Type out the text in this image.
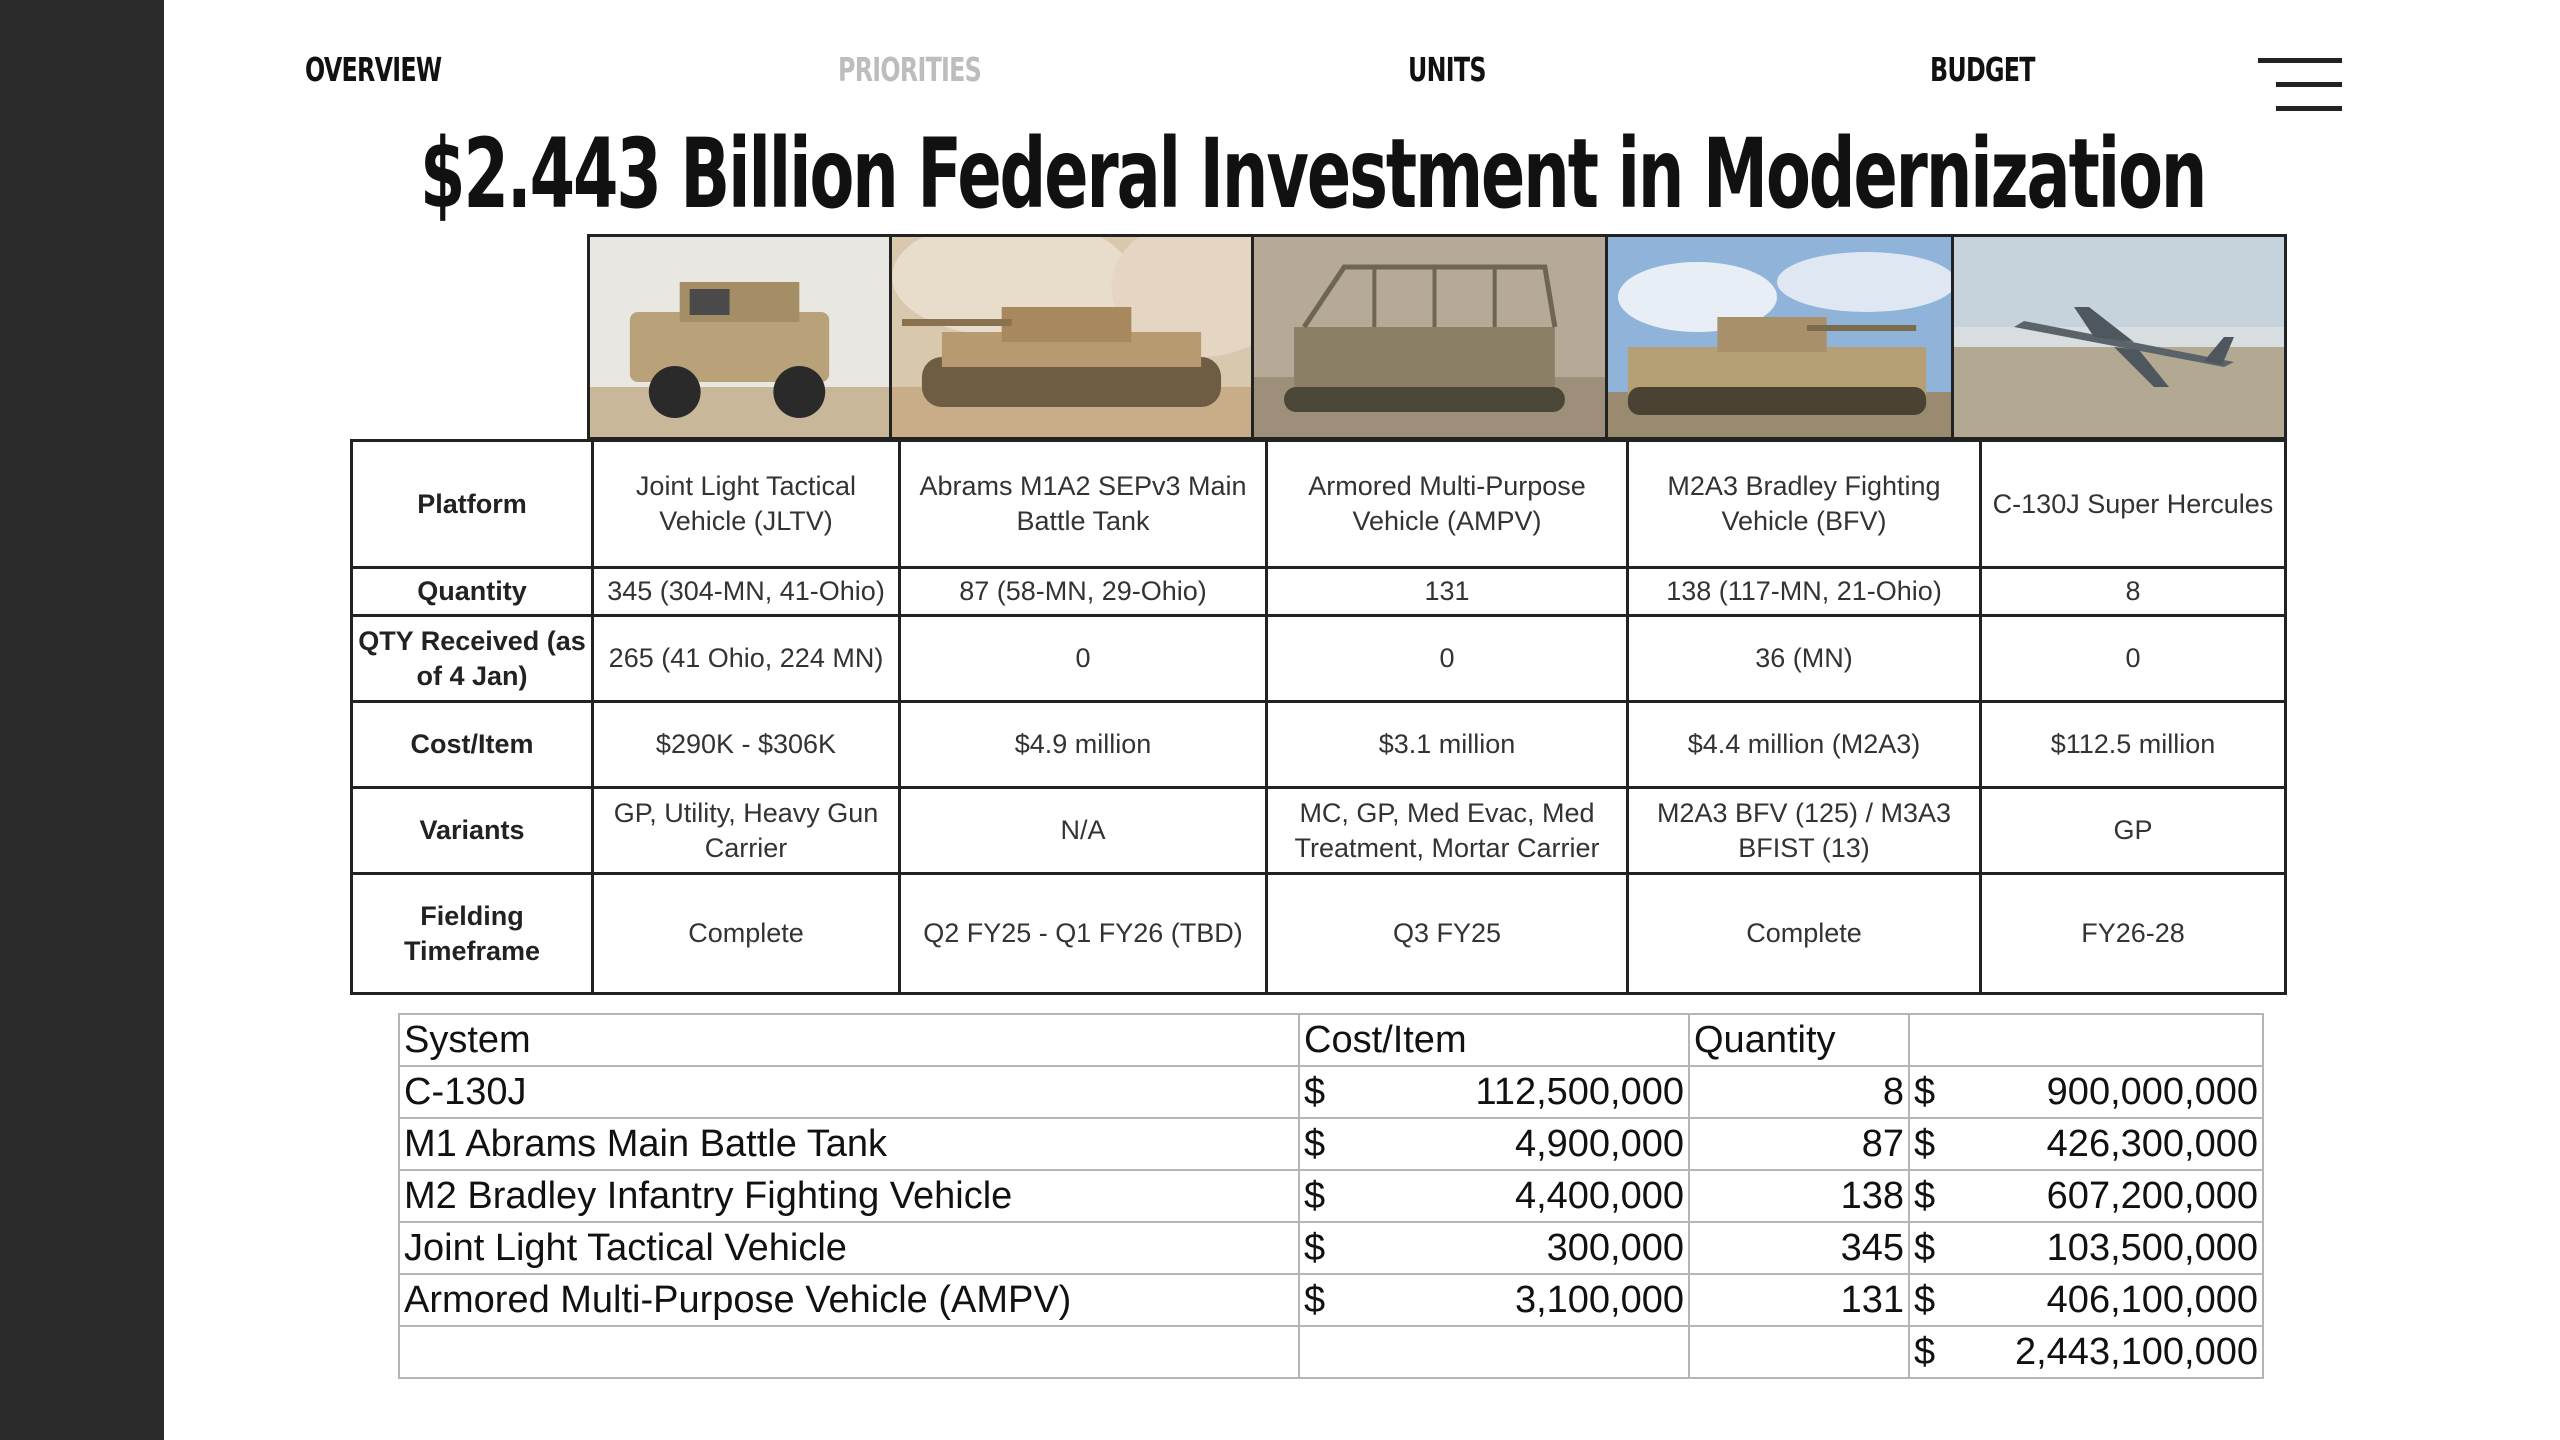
OVERVIEW	PRIORITIES	UNITS	BUDGET
$2.443 Billion Federal Investment in Modernization
Platform	Joint Light Tactical Vehicle (JLTV)	Abrams M1A2 SEPv3 Main Battle Tank	Armored Multi-Purpose Vehicle (AMPV)	M2A3 Bradley Fighting Vehicle (BFV)	C-130J Super Hercules
Quantity	345 (304-MN, 41-Ohio)	87 (58-MN, 29-Ohio)	131	138 (117-MN, 21-Ohio)	8
QTY Received (as of 4 Jan)	265 (41 Ohio, 224 MN)	0	0	36 (MN)	0
Cost/Item	$290K - $306K	$4.9 million	$3.1 million	$4.4 million (M2A3)	$112.5 million
Variants	GP, Utility, Heavy Gun Carrier	N/A	MC, GP, Med Evac, Med Treatment, Mortar Carrier	M2A3 BFV (125) / M3A3 BFIST (13)	GP
Fielding Timeframe	Complete	Q2 FY25 - Q1 FY26 (TBD)	Q3 FY25	Complete	FY26-28
System	Cost/Item	Quantity	
C-130J	$ 112,500,000	8	$ 900,000,000

M1 Abrams Main Battle Tank	$ 4,900,000	87	$ 426,300,000

M2 Bradley Infantry Fighting Vehicle	$ 4,400,000	138	$ 607,200,000

Joint Light Tactical Vehicle	$ 300,000	345	$ 103,500,000

Armored Multi-Purpose Vehicle (AMPV)	$ 3,100,000	131	$ 406,100,000

			$ 2,443,100,000
